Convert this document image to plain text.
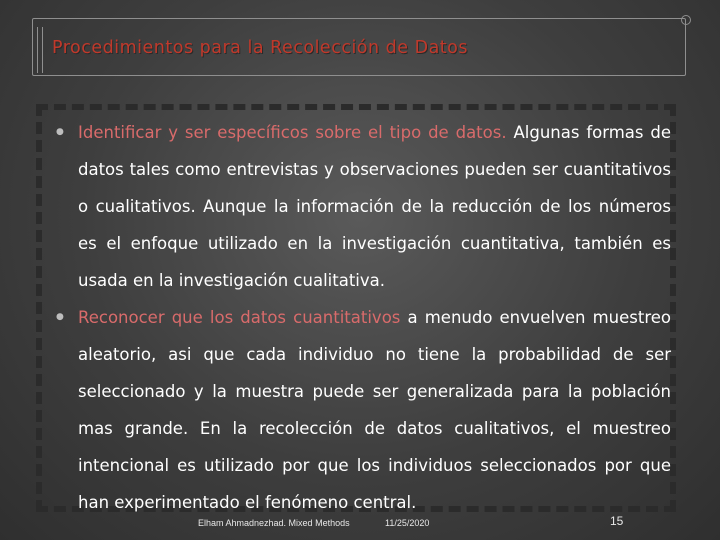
Procedimientos para la Recolección de Datos
● Identificar y ser específicos sobre el tipo de datos. Algunas formas de datos tales como entrevistas y observaciones pueden ser cuantitativos o cualitativos. Aunque la información de la reducción de los números es el enfoque utilizado en la investigación cuantitativa, también es usada en la investigación cualitativa.
● Reconocer que los datos cuantitativos a menudo envuelven muestreo aleatorio, asi que cada individuo no tiene la probabilidad de ser seleccionado y la muestra puede ser generalizada para la población mas grande. En la recolección de datos cualitativos, el muestreo intencional es utilizado por que los individuos seleccionados por que han experimentado el fenómeno central.
Elham Ahmadnezhad. Mixed Methods	11/25/2020	15
